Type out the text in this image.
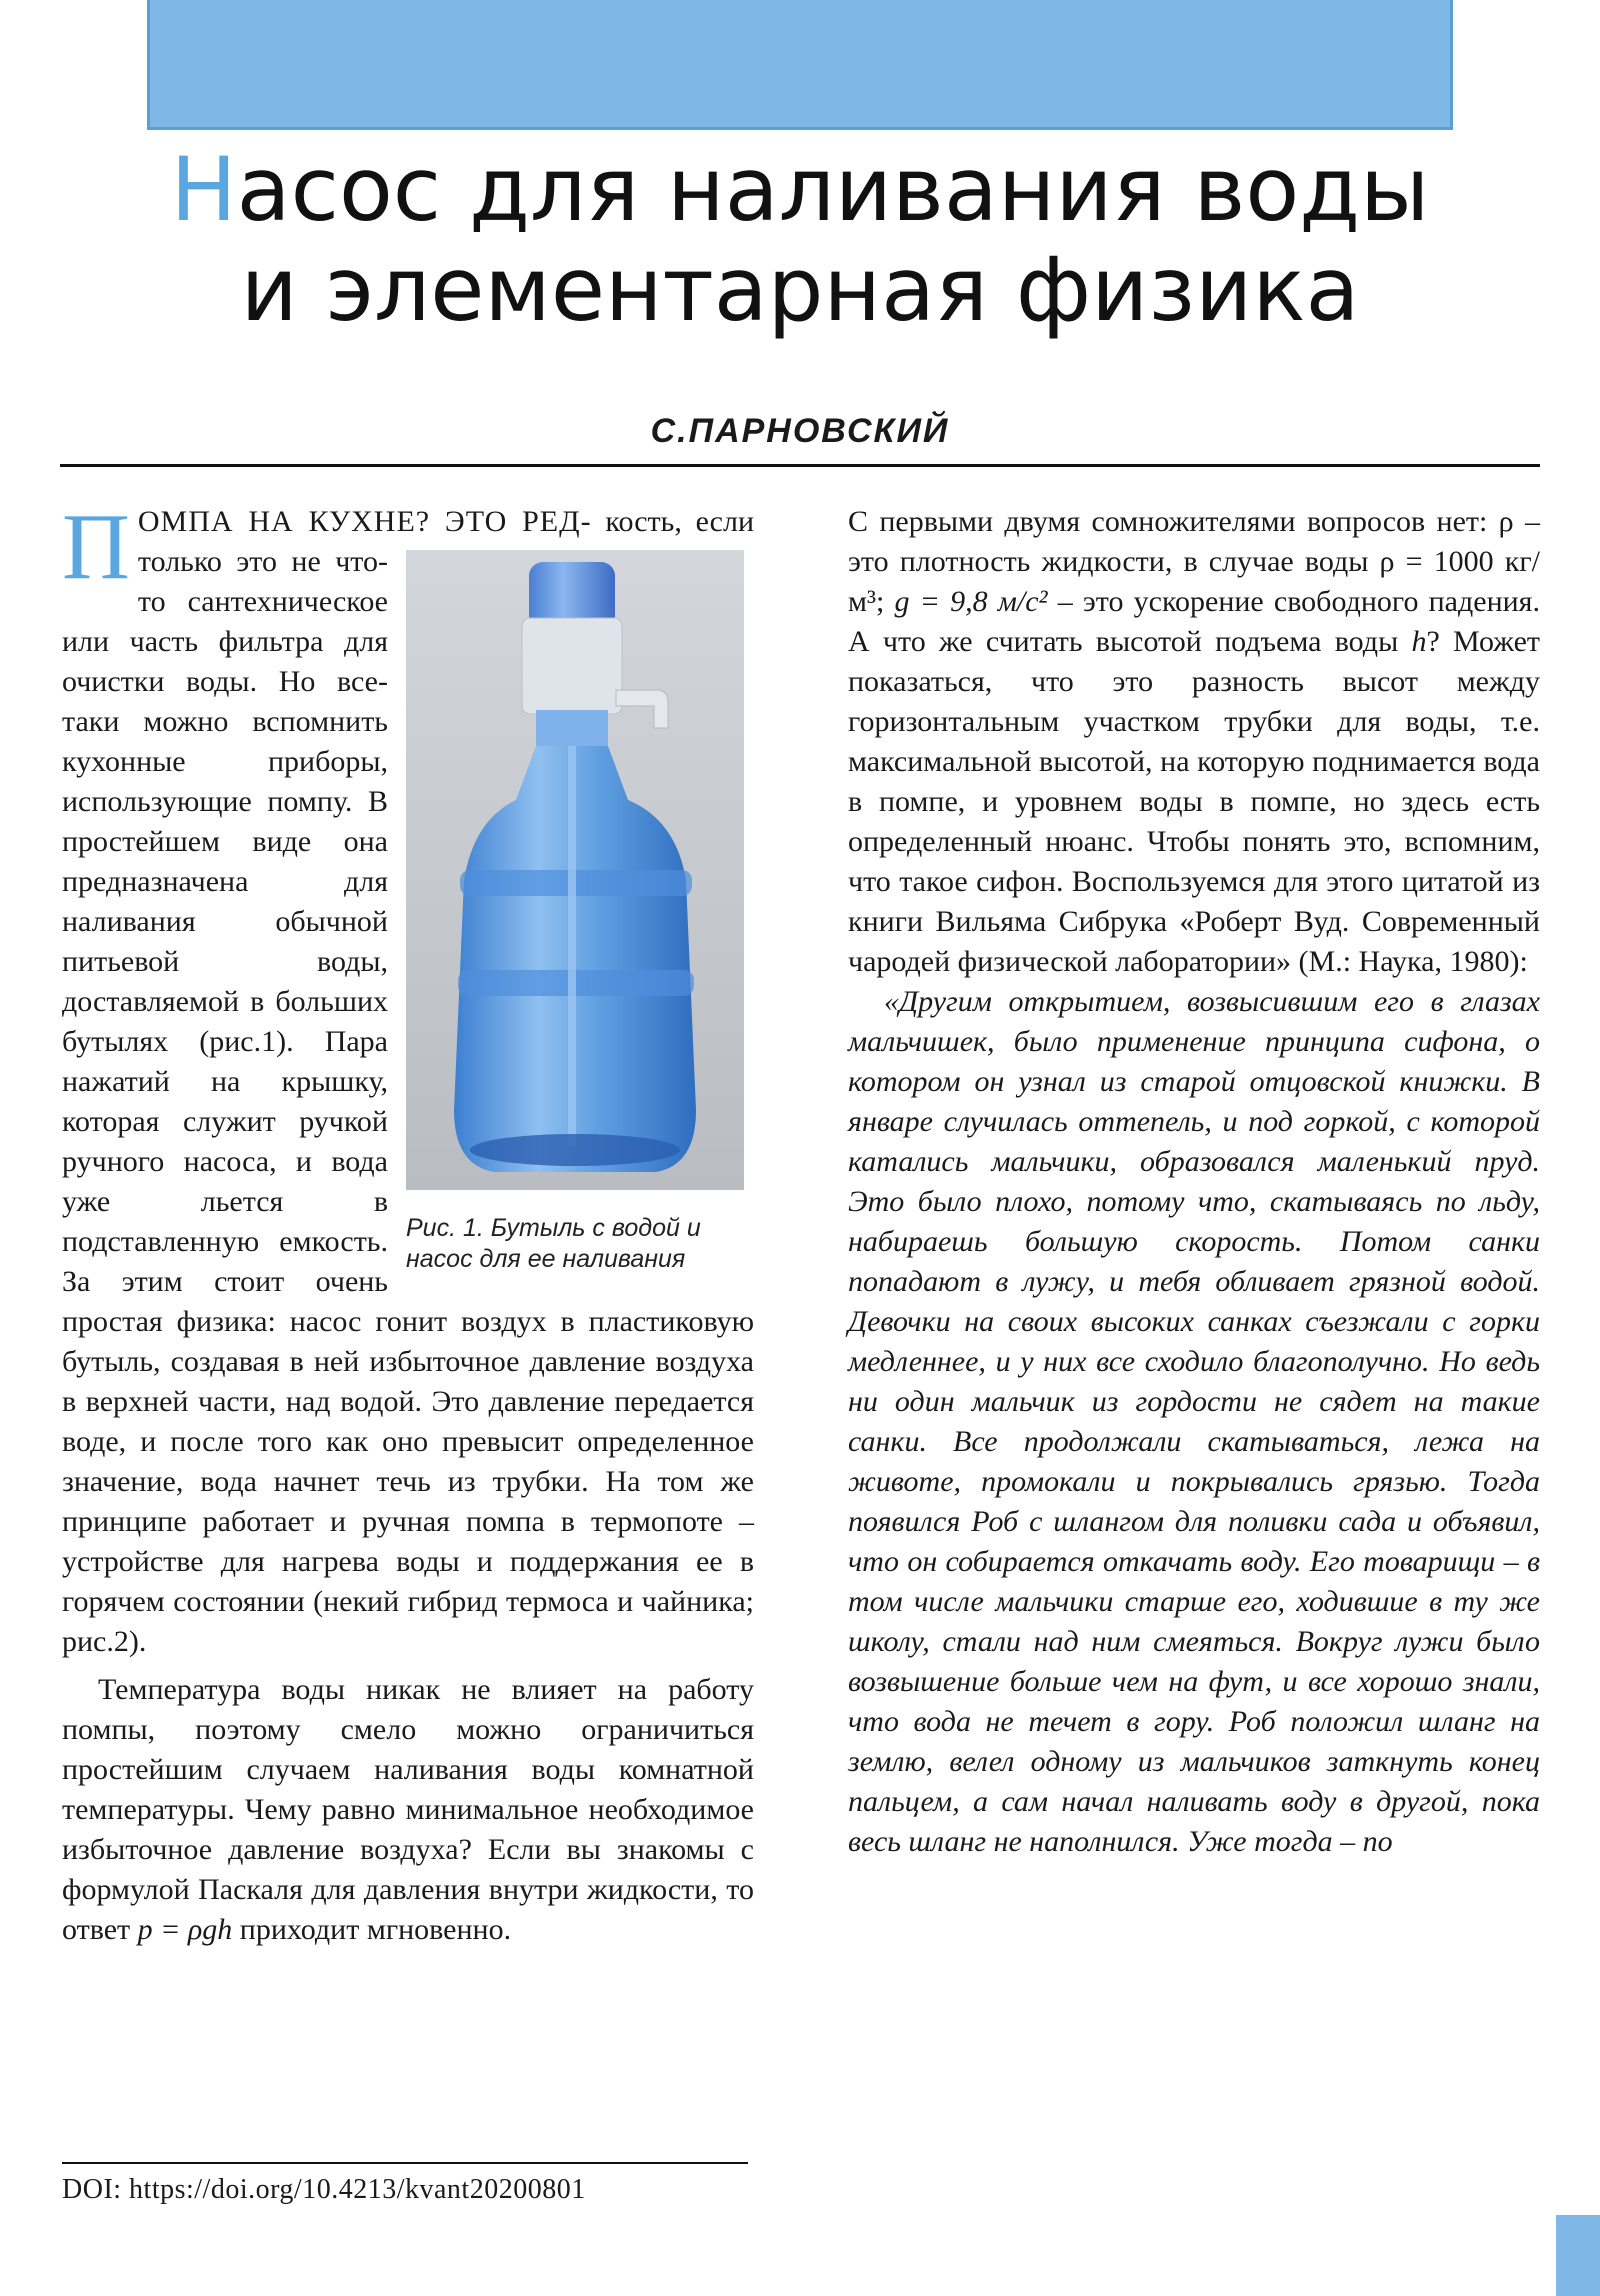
Насос для наливания воды
и элементарная физика
С.ПАРНОВСКИЙ

ПОМПА НА КУХНЕ? ЭТО РЕД-
Рис. 1. Бутыль с водой и насос для ее наливания
кость, если только это не что-то сантехническое или часть фильтра для очистки воды. Но все-таки можно вспомнить кухонные приборы, использующие помпу. В простейшем виде она предназначена для наливания обычной питьевой воды, доставляемой в больших бутылях (рис.1). Пара нажатий на крышку, которая служит ручкой ручного насоса, и вода уже льется в подставленную емкость. За этим стоит очень простая физика: насос гонит воздух в пластиковую бутыль, создавая в ней избыточное давление воздуха в верхней части, над водой. Это давление передается воде, и после того как оно превысит определенное значение, вода начнет течь из трубки. На том же принципе работает и ручная помпа в термопоте – устройстве для нагрева воды и поддержания ее в горячем состоянии (некий гибрид термоса и чайника; рис.2).

Температура воды никак не влияет на работу помпы, поэтому смело можно ограничиться простейшим случаем наливания воды комнатной температуры. Чему равно минимальное необходимое избыточное давление воздуха? Если вы знакомы с формулой Паскаля для давления внутри жидкости, то ответ p = ρgh приходит мгновенно.

DOI: https://doi.org/10.4213/kvant20200801

С первыми двумя сомножителями вопросов нет: ρ – это плотность жидкости, в случае воды ρ = 1000 кг/м³; g = 9,8 м/с² – это ускорение свободного падения. А что же считать высотой подъема воды h? Может показаться, что это разность высот между горизонтальным участком трубки для воды, т.е. максимальной высотой, на которую поднимается вода в помпе, и уровнем воды в помпе, но здесь есть определенный нюанс. Чтобы понять это, вспомним, что такое сифон. Воспользуемся для этого цитатой из книги Вильяма Сибрука «Роберт Вуд. Современный чародей физической лаборатории» (М.: Наука, 1980):

«Другим открытием, возвысившим его в глазах мальчишек, было применение принципа сифона, о котором он узнал из старой отцовской книжки. В январе случилась оттепель, и под горкой, с которой катались мальчики, образовался маленький пруд. Это было плохо, потому что, скатываясь по льду, набираешь большую скорость. Потом санки попадают в лужу, и тебя обливает грязной водой. Девочки на своих высоких санках съезжали с горки медленнее, и у них все сходило благополучно. Но ведь ни один мальчик из гордости не сядет на такие санки. Все продолжали скатываться, лежа на животе, промокали и покрывались грязью. Тогда появился Роб с шлангом для поливки сада и объявил, что он собирается откачать воду. Его товарищи – в том числе мальчики старше его, ходившие в ту же школу, стали над ним смеяться. Вокруг лужи было возвышение больше чем на фут, и все хорошо знали, что вода не течет в гору. Роб положил шланг на землю, велел одному из мальчиков заткнуть конец пальцем, а сам начал наливать воду в другой, пока весь шланг не наполнился. Уже тогда – по
